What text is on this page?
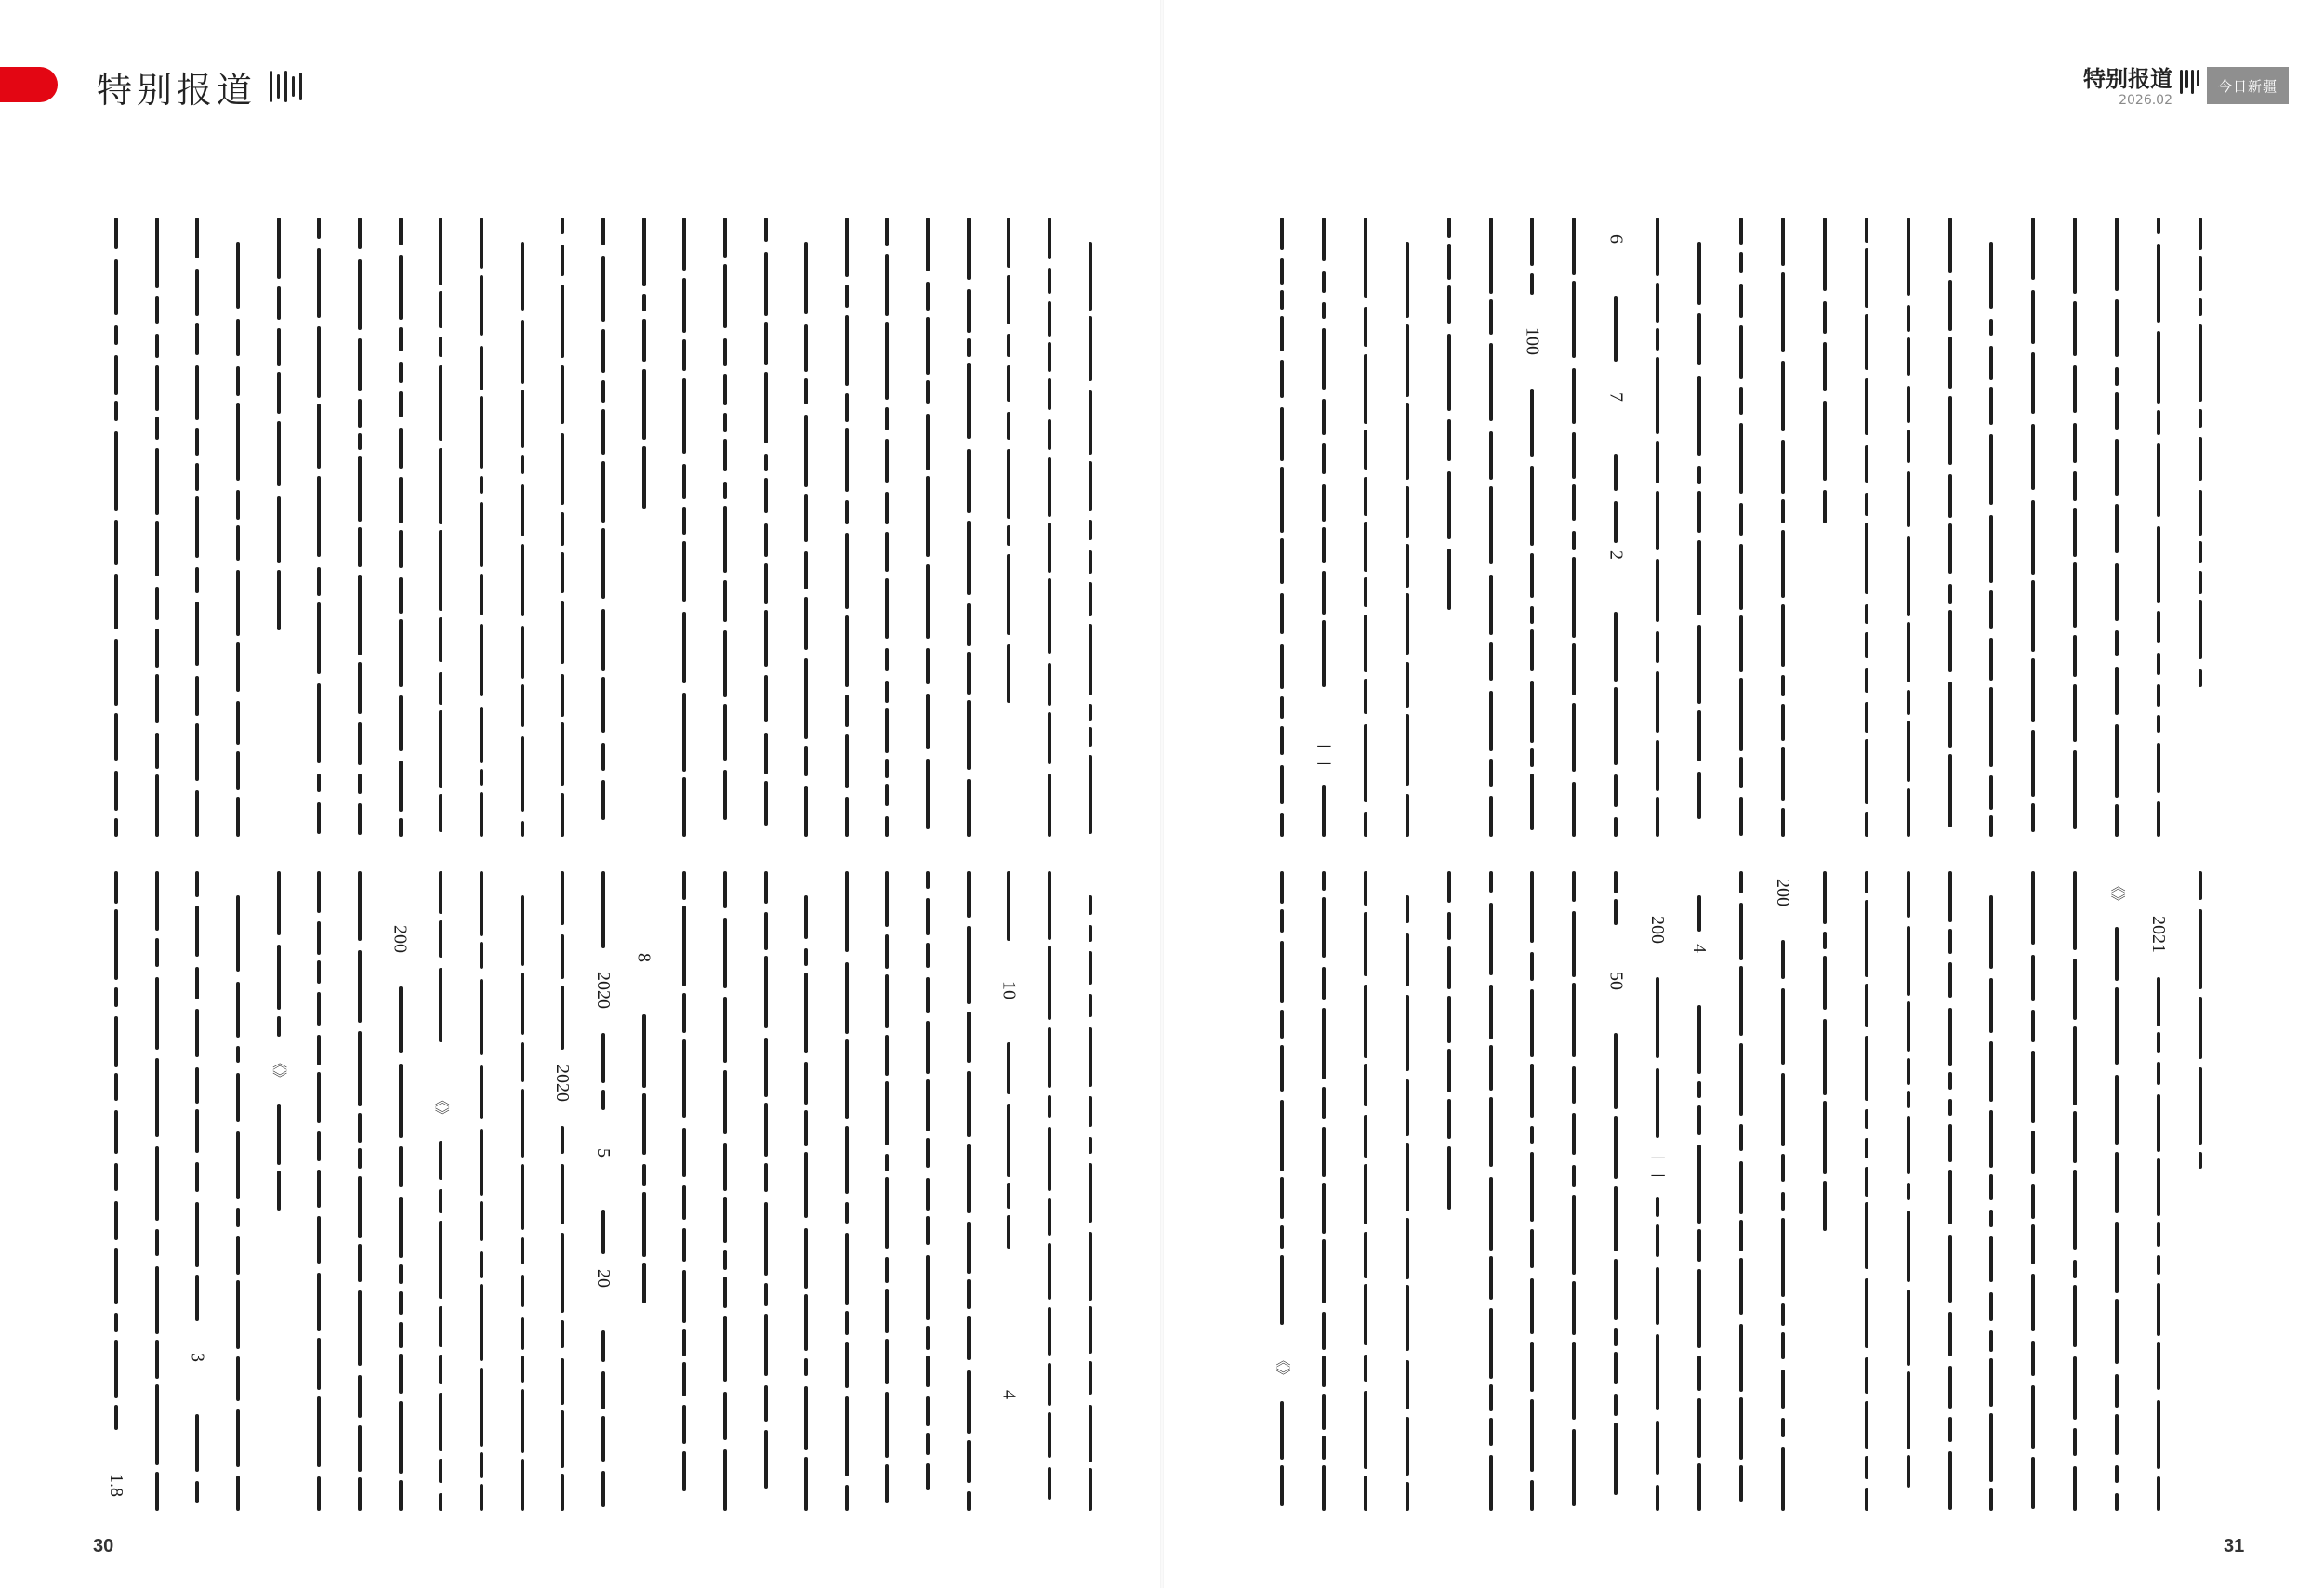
特别报道	特别报道
2026.02
今日新疆
1.8
3
《》
200
《》
2020
2020
5
20
8
10
4
——
100
6
7
2
《》
50
200
——
4
200	《》
2021
30	31
